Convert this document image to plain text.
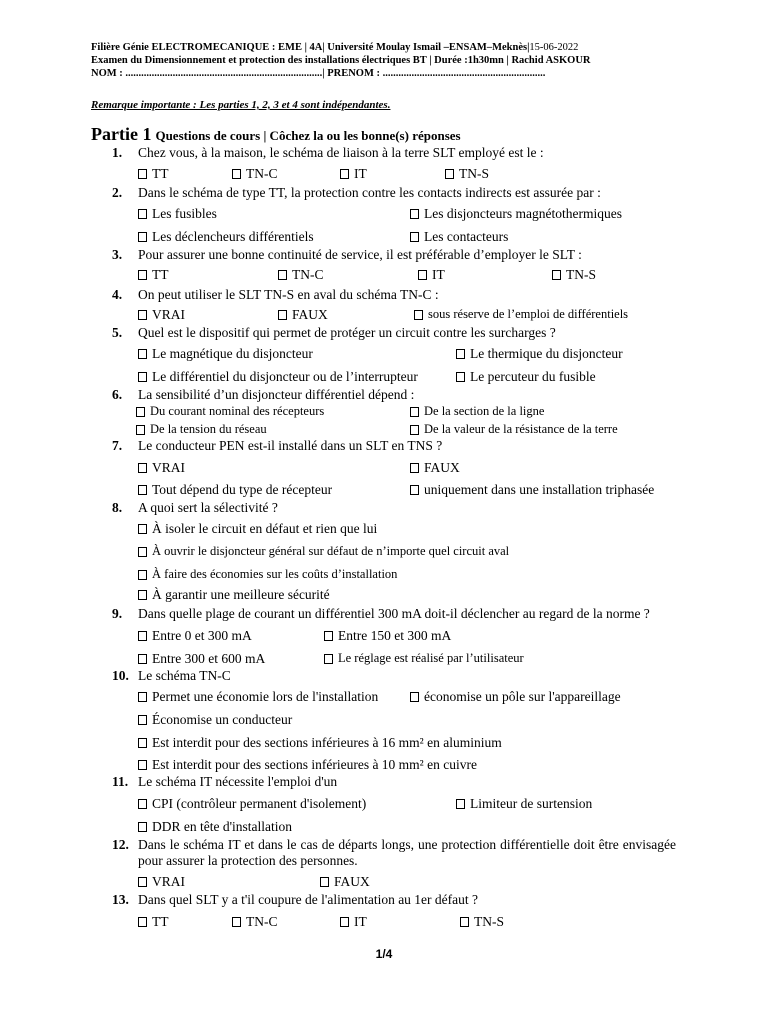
Filière Génie ELECTROMECANIQUE : EME | 4A| Université Moulay Ismail –ENSAM–Meknès|15-06-2022
Examen du Dimensionnement et protection des installations électriques BT | Durée :1h30mn | Rachid ASKOUR
NOM : ...........................................................................| PRENOM : ..............................................................
Remarque importante : Les parties 1, 2, 3 et 4 sont indépendantes.
Partie 1 Questions de cours | Côchez la ou les bonne(s) réponses
1. Chez vous, à la maison, le schéma de liaison à la terre SLT employé est le :
TT	TN-C	IT	TN-S
2. Dans le schéma de type TT, la protection contre les contacts indirects est assurée par :
Les fusibles	Les disjoncteurs magnétothermiques
Les déclencheurs différentiels	Les contacteurs
3. Pour assurer une bonne continuité de service, il est préférable d’employer le SLT :
TT	TN-C	IT	TN-S
4. On peut utiliser le SLT TN-S en aval du schéma TN-C :
VRAI	FAUX	sous réserve de l’emploi de différentiels
5. Quel est le dispositif qui permet de protéger un circuit contre les surcharges ?
Le magnétique du disjoncteur	Le thermique du disjoncteur
Le différentiel du disjoncteur ou de l’interrupteur	Le percuteur du fusible
6. La sensibilité d’un disjoncteur différentiel dépend :
Du courant nominal des récepteurs	De la section de la ligne
De la tension du réseau	De la valeur de la résistance de la terre
7. Le conducteur PEN est-il installé dans un SLT en TNS ?
VRAI	FAUX
Tout dépend du type de récepteur	uniquement dans une installation triphasée
8. A quoi sert la sélectivité ?
À isoler le circuit en défaut et rien que lui
À ouvrir le disjoncteur général sur défaut de n’importe quel circuit aval
À faire des économies sur les coûts d’installation
À garantir une meilleure sécurité
9. Dans quelle plage de courant un différentiel 300 mA doit-il déclencher au regard de la norme ?
Entre 0 et 300 mA	Entre 150 et 300 mA
Entre 300 et 600 mA	Le réglage est réalisé par l’utilisateur
10. Le schéma TN-C
Permet une économie lors de l'installation	économise un pôle sur l'appareillage
Économise un conducteur
Est interdit pour des sections inférieures à 16 mm² en aluminium
Est interdit pour des sections inférieures à 10 mm² en cuivre
11. Le schéma IT nécessite l'emploi d'un
CPI (contrôleur permanent d'isolement)	Limiteur de surtension
DDR en tête d'installation
12. Dans le schéma IT et dans le cas de départs longs, une protection différentielle doit être envisagée pour assurer la protection des personnes.
VRAI	FAUX
13. Dans quel SLT y a t'il coupure de l'alimentation au 1er défaut ?
TT	TN-C	IT	TN-S
1/4
